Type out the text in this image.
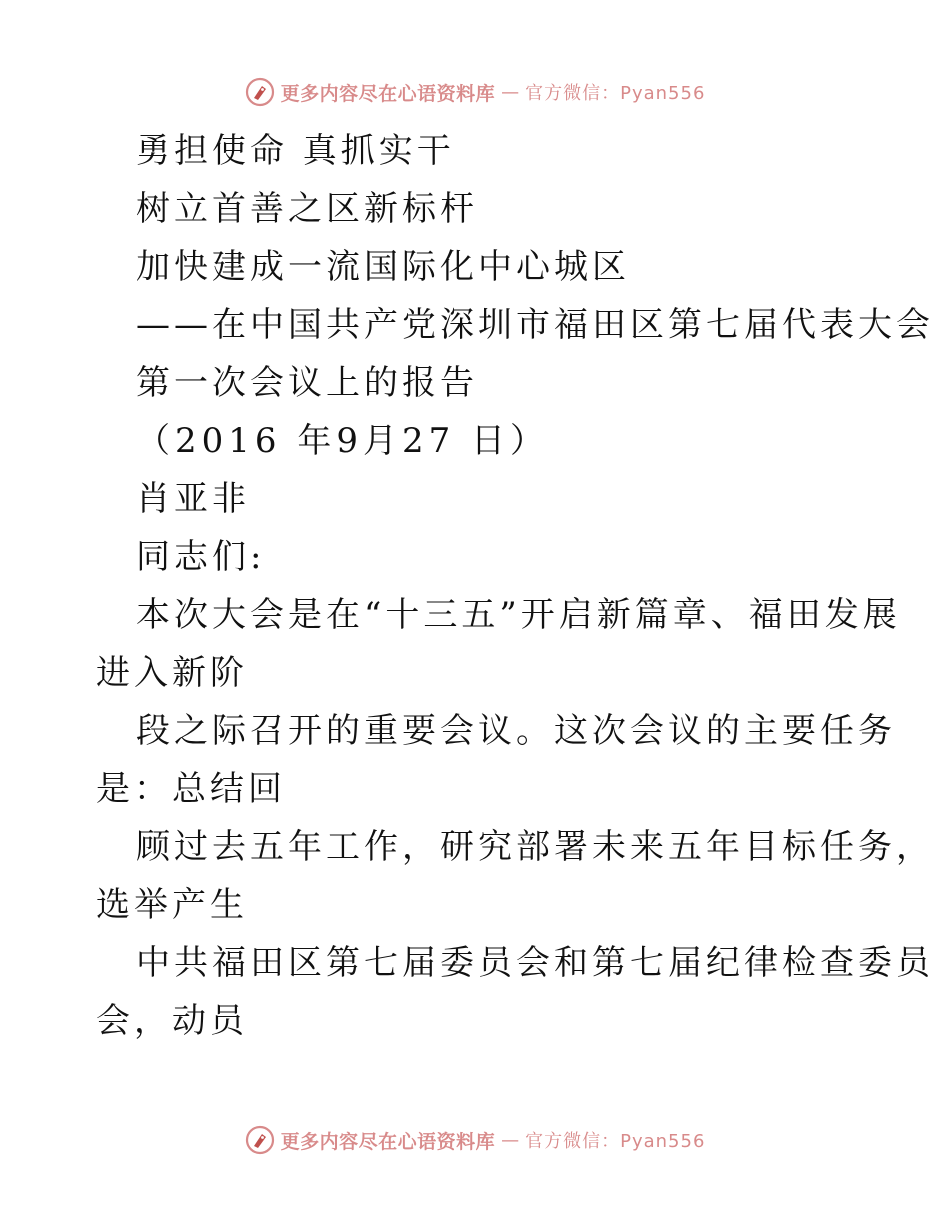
更多内容尽在心语资料库 — 官方微信：Pyan556
勇担使命 真抓实干
树立首善之区新标杆
加快建成一流国际化中心城区
——在中国共产党深圳市福田区第七届代表大会
第一次会议上的报告
（2016 年9月27 日）
肖亚非
同志们:
本次大会是在“十三五”开启新篇章、福田发展
进入新阶
段之际召开的重要会议。这次会议的主要任务
是：总结回
顾过去五年工作，研究部署未来五年目标任务，
选举产生
中共福田区第七届委员会和第七届纪律检查委员
会，动员
更多内容尽在心语资料库 — 官方微信：Pyan556
